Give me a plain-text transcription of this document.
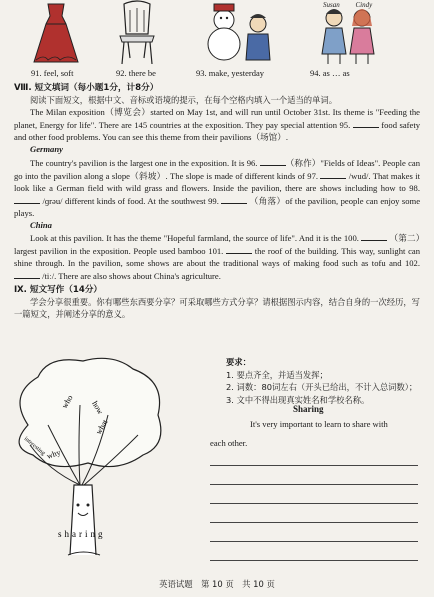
Susan Cindy
91. feel, soft	92. there be	93. make, yesterday	94. as … as

Ⅷ. 短文填词（每小题1分，计8分）

阅读下面短文，根据中文、音标或语境的提示，在每个空格内填入一个适当的单词。

The Milan exposition（博览会）started on May 1st, and will run until October 31st. Its theme is "Feeding the planet, Energy for life". There are 145 countries at the exposition. They pay special attention 95.	food safety and other food problems. You can see this theme from their pavilions（场馆）.

Germany

The country's pavilion is the largest one in the exposition. It is 96.	（称作）"Fields of Ideas". People can go into the pavilion along a slope（斜坡）. The slope is made of different kinds of 97.	/wud/. That makes it look like a German field with wild grass and flowers. Inside the pavilion, there are shows including how to 98.  /ɡrəu/ different kinds of food. At the southwest 99.	（角落）of the pavilion, people can enjoy some plays.

China

Look at this pavilion. It has the theme "Hopeful farmland, the source of life". And it is the 100.	（第二）largest pavilion in the exposition. People used bamboo 101.	the roof of the building. This way, sunlight can shine through. In the pavilion, some shows are about the traditional ways of making food such as tofu and 102.  /tiː/. There are also shows about China's agriculture.

Ⅸ. 短文写作（14分）

学会分享很重要。你有哪些东西要分享？可采取哪些方式分享？请根据图示内容，结合自身的一次经历，写一篇短文，并阐述分享的意义。

who how
what
interesting why
sharing
要求：
1. 要点齐全，并适当发挥；
2. 词数：80词左右（开头已给出，不计入总词数）；
3. 文中不得出现真实姓名和学校名称。
Sharing
It's very important to learn to share with
each other.
英语试题　第 10 页　共 10 页
